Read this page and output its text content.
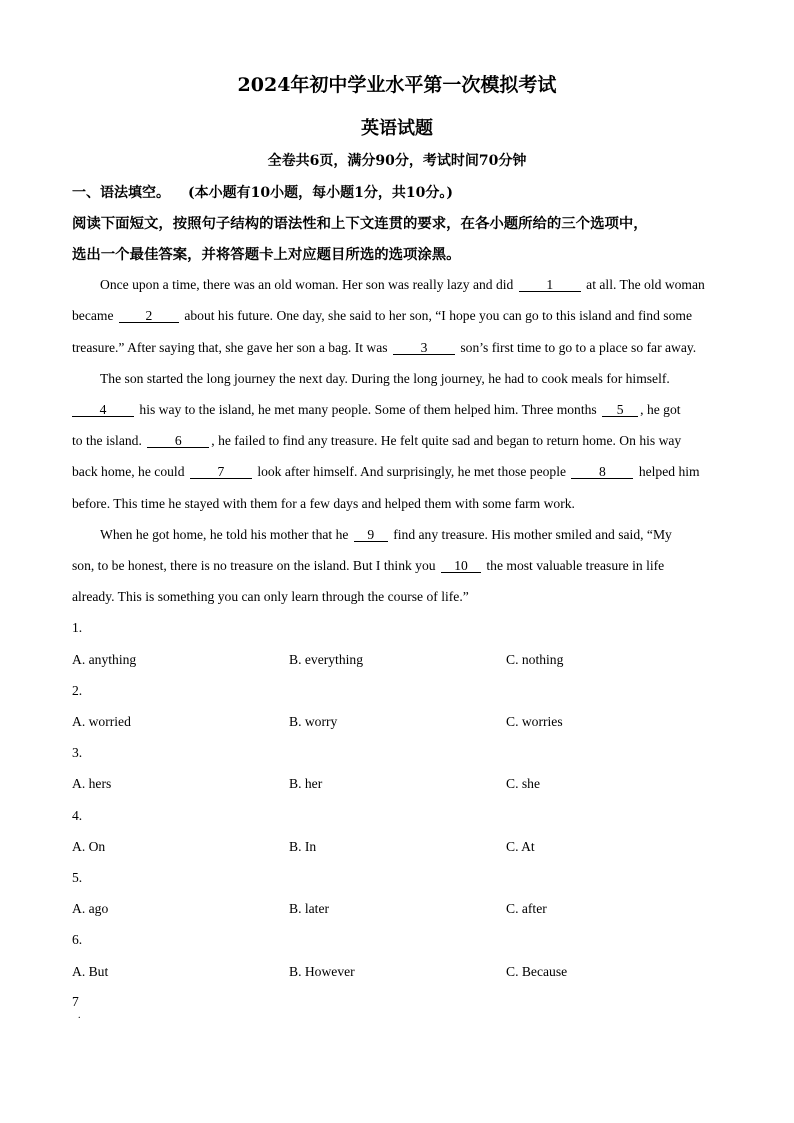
2024年初中学业水平第一次模拟考试
英语试题
全卷共6页，满分90分，考试时间70分钟
一、语法填空。 (本小题有10小题，每小题1分，共10分。)
阅读下面短文，按照句子结构的语法性和上下文连贯的要求，在各小题所给的三个选项中，
选出一个最佳答案，并将答题卡上对应题目所选的选项涂黑。
Once upon a time, there was an old woman. Her son was really lazy and did 1 at all. The old woman
became 2 about his future. One day, she said to her son, “I hope you can go to this island and find some
treasure.” After saying that, she gave her son a bag. It was 3 son’s first time to go to a place so far away.
The son started the long journey the next day. During the long journey, he had to cook meals for himself.
4 his way to the island, he met many people. Some of them helped him. Three months 5 , he got
to the island. 6 , he failed to find any treasure. He felt quite sad and began to return home. On his way
back home, he could 7 look after himself. And surprisingly, he met those people 8 helped him
before. This time he stayed with them for a few days and helped them with some farm work.
When he got home, he told his mother that he 9 find any treasure. His mother smiled and said, “My
son, to be honest, there is no treasure on the island. But I think you 10 the most valuable treasure in life
already. This is something you can only learn through the course of life.”
1.
A. anything	B. everything	C. nothing
2.
A. worried	B. worry	C. worries
3.
A. hers	B. her	C. she
4.
A. On	B. In	C. At
5.
A. ago	B. later	C. after
6.
A. But	B. However	C. Because
7
.
